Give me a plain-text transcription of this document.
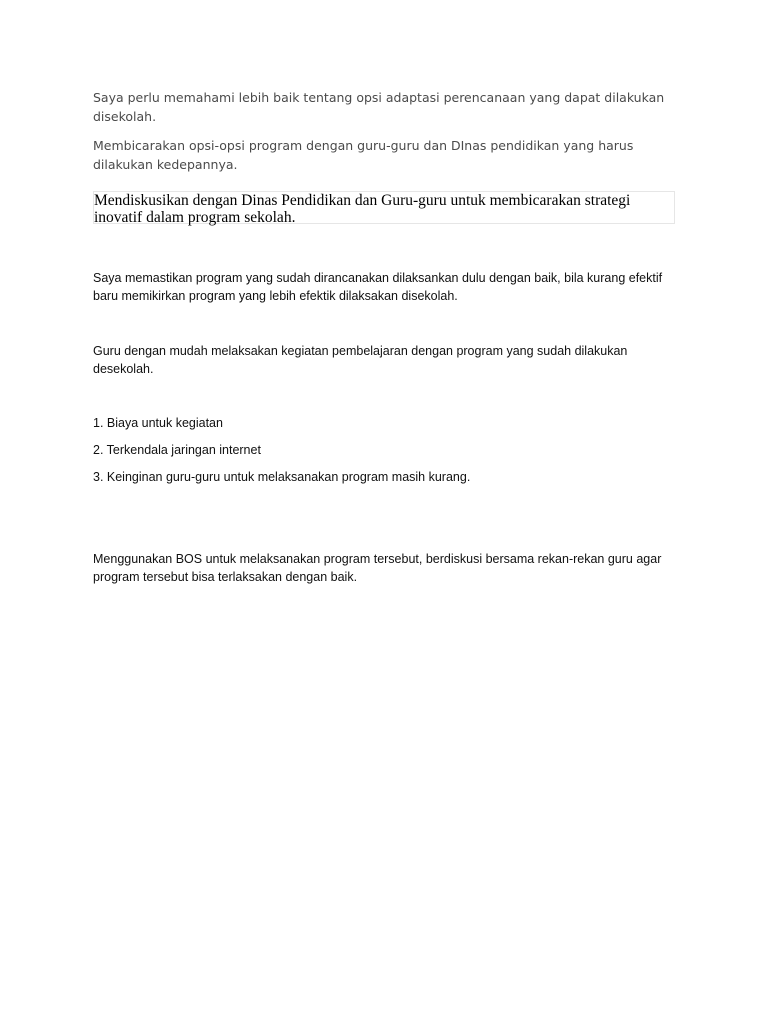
Saya perlu memahami lebih baik tentang opsi adaptasi perencanaan yang dapat dilakukan disekolah.

Membicarakan opsi-opsi program dengan guru-guru dan DInas pendidikan yang harus dilakukan kedepannya.

Mendiskusikan dengan Dinas Pendidikan dan Guru-guru untuk membicarakan strategi inovatif dalam program sekolah.

Saya memastikan program yang sudah dirancanakan dilaksankan dulu dengan baik, bila kurang efektif baru memikirkan program yang lebih efektik dilaksakan disekolah.

Guru dengan mudah melaksakan kegiatan pembelajaran dengan program yang sudah dilakukan desekolah.

1. Biaya untuk kegiatan

2. Terkendala jaringan internet

3. Keinginan guru-guru untuk melaksanakan program masih kurang.

Menggunakan BOS untuk melaksanakan program tersebut, berdiskusi bersama rekan-rekan guru agar program tersebut bisa terlaksakan dengan baik.
